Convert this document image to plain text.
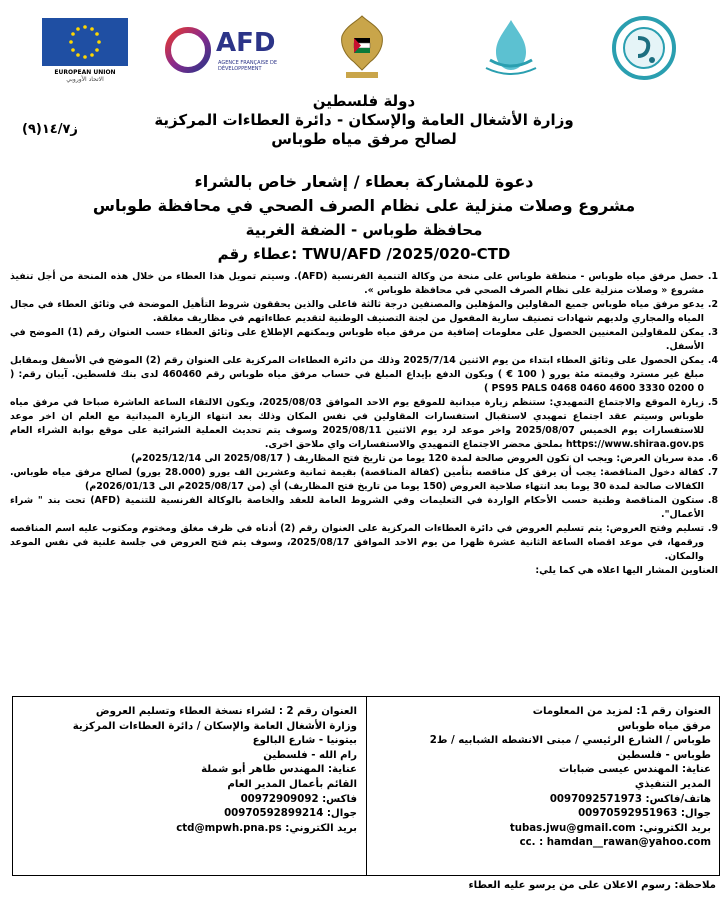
EUROPEAN UNION
الاتحاد الأوروبي
AFD
AGENCE FRANÇAISE DE DÉVELOPPEMENT
دولة فلسطين
وزارة الأشغال العامة والإسكان - دائرة العطاءات المركزية
لصالح مرفق مياه طوباس
ز١٤/٧(٩)
دعوة للمشاركة بعطاء / إشعار خاص بالشراء
مشروع وصلات منزلية على نظام الصرف الصحي في محافظة طوباس
محافظة طوباس - الضفة الغربية
عطاء رقم: TWU/AFD /2025/020-CTD
1.

حصل مرفق مياه طوباس - منطقة طوباس على منحة من وكالة التنمية الفرنسية (AFD). وسيتم تمويل هذا العطاء من خلال هذه المنحة من أجل تنفيذ مشروع « وصلات منزلية على نظام الصرف الصحي في محافظة طوباس ».

2.

يدعو مرفق مياه طوباس جميع المقاولين والمؤهلين والمصنفين درجة ثالثة فاعلى والذين يحققون شروط التأهيل الموضحة في وثائق العطاء في مجال المياه والمجاري ولديهم شهادات تصنيف سارية المفعول من لجنة التصنيف الوطنية لتقديم عطاءاتهم في مظاريف مغلقة.

3.

يمكن للمقاولين المعنيين الحصول على معلومات إضافية من مرفق مياه طوباس ويمكنهم الإطلاع على وثائق العطاء حسب العنوان رقم (1) الموضح في الأسفل.

4.

يمكن الحصول على وثائق العطاء ابتداء من يوم الاثنين 2025/7/14 وذلك من دائرة العطاءات المركزية على العنوان رقم (2) الموضح في الأسفل وبمقابل مبلغ غير مسترد وقيمته مئة يورو ( 100 € ) ويكون الدفع بإيداع المبلغ في حساب مرفق مياه طوباس رقم 460460 لدى بنك فلسطين. آيبان رقم: ( PS95 PALS 0468 0460 4600 3330 0200 0 )

5.

زيارة الموقع والاجتماع التمهيدي: ستنظم زيارة ميدانية للموقع يوم الاحد الموافق 2025/08/03، ويكون الالتقاء الساعة العاشرة صباحا في مرفق مياه طوباس وسيتم عقد اجتماع تمهيدي لاستقبال استفسارات المقاولين في نفس المكان وذلك بعد انتهاء الزيارة الميدانية مع العلم ان اخر موعد للاستفسارات يوم الخميس 2025/08/07 واخر موعد لرد يوم الاثنين 2025/08/11 وسوف يتم تحديث العملية الشرائية على موقع بوابة الشراء العام https://www.shiraa.gov.ps بملحق محضر الاجتماع التمهيدي والاستفسارات واي ملاحق اخرى.

6.

مدة سريان العرض: ويجب ان تكون العروض صالحة لمدة 120 يوما من تاريخ فتح المظاريف ( 2025/08/17 الى 2025/12/14م)

7.

كفالة دخول المناقصة: يجب أن يرفق كل مناقصه بتأمين (كفالة المناقصة) بقيمة ثمانية وعشرين الف يورو (28.000 يورو) لصالح مرفق مياه طوباس. الكفالات صالحة لمدة 30 يوما بعد انتهاء صلاحية العروض (150 يوما من تاريخ فتح المظاريف) أي (من 2025/08/17م الى 2026/01/13م)

8.

ستكون المناقصة وطنية حسب الأحكام الواردة في التعليمات وفي الشروط العامة للعقد والخاصة بالوكالة الفرنسية للتنمية (AFD) تحت بند " شراء الأعمال".

9.

تسليم وفتح العروض: يتم تسليم العروض في دائرة العطاءات المركزية على العنوان رقم (2) أدناه في ظرف مغلق ومختوم ومكتوب عليه اسم المناقصه ورقمها، في موعد اقصاه الساعة الثانية عشرة ظهرا من يوم الاحد الموافق 2025/08/17، وسوف يتم فتح العروض في جلسة علنية في نفس الموعد والمكان.

العناوين المشار اليها اعلاه هي كما يلي:
العنوان رقم 1: لمزيد من المعلومات
مرفق مياه طوباس
طوباس / الشارع الرئيسي / مبنى الانشطه الشبابيه / ط2
طوباس - فلسطين
عناية: المهندس عيسى ضبابات
المدير التنفيذي
هاتف/فاكس: 0097092571973
جوال: 00970592951963
بريد الكتروني: tubas.jwu@gmail.com
cc. : hamdan__rawan@yahoo.com
العنوان رقم 2 : لشراء نسخة العطاء وتسليم العروض
وزارة الأشغال العامة والإسكان / دائرة العطاءات المركزية
بيتونيا - شارع البالوع
رام الله - فلسطين
عناية: المهندس طاهر أبو شملة
القائم بأعمال المدير العام
فاكس: 00972909092
جوال: 00970592899214
بريد الكتروني: ctd@mpwh.pna.ps
ملاحظة: رسوم الاعلان على من يرسو عليه العطاء
